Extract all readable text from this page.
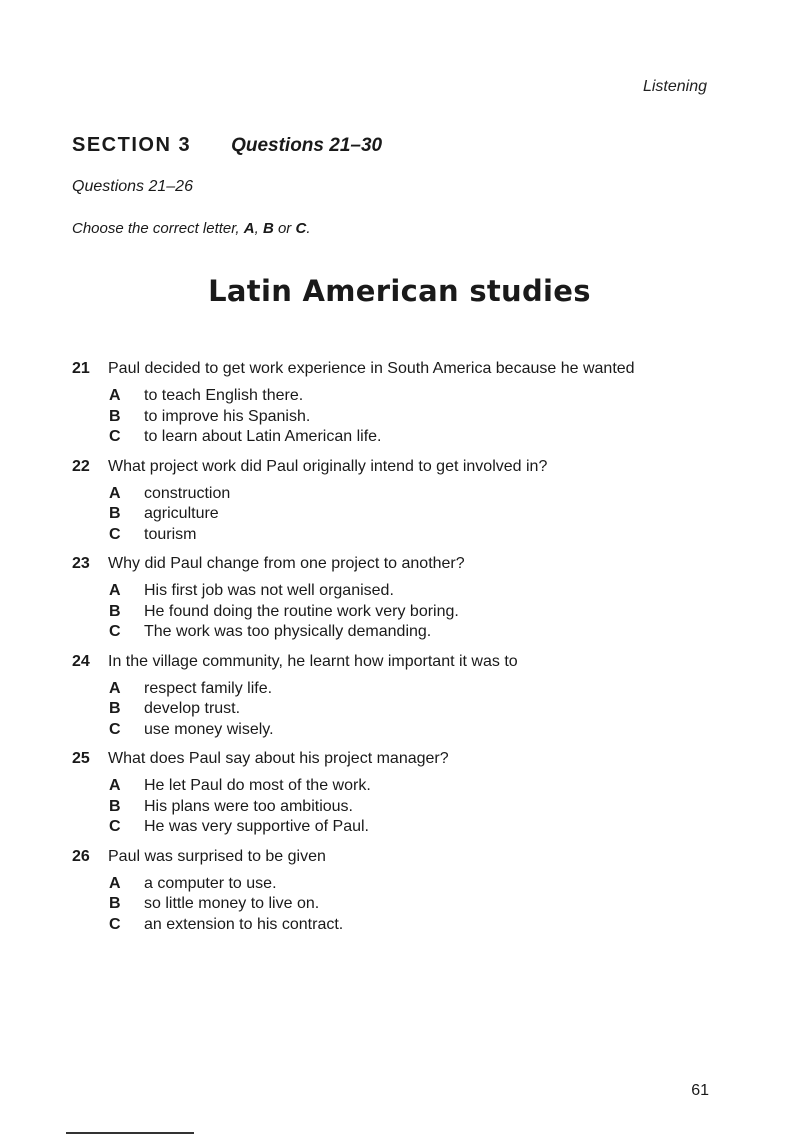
Listening
SECTION 3 Questions 21–30
Questions 21–26
Choose the correct letter, A, B or C.
Latin American studies
21	Paul decided to get work experience in South America because he wanted
A	to teach English there.
B	to improve his Spanish.
C	to learn about Latin American life.
22	What project work did Paul originally intend to get involved in?
A	construction
B	agriculture
C	tourism
23	Why did Paul change from one project to another?
A	His first job was not well organised.
B	He found doing the routine work very boring.
C	The work was too physically demanding.
24	In the village community, he learnt how important it was to
A	respect family life.
B	develop trust.
C	use money wisely.
25	What does Paul say about his project manager?
A	He let Paul do most of the work.
B	His plans were too ambitious.
C	He was very supportive of Paul.
26	Paul was surprised to be given
A	a computer to use.
B	so little money to live on.
C	an extension to his contract.
61
